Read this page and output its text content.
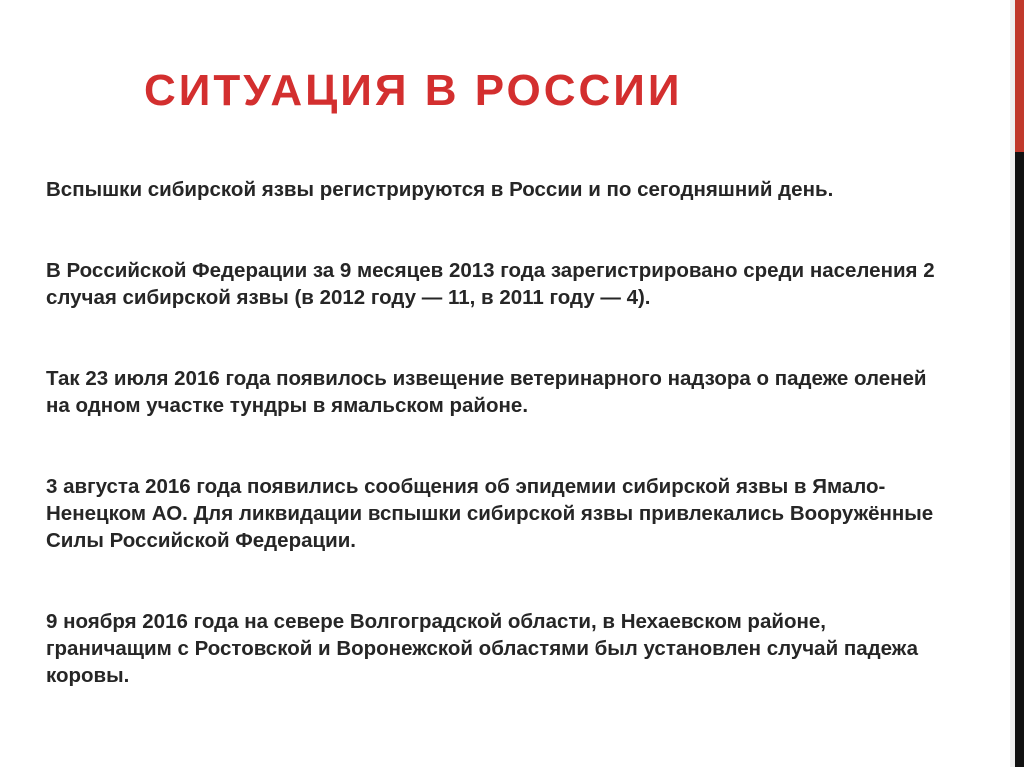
СИТУАЦИЯ В РОССИИ

Вспышки сибирской язвы регистрируются в России и по сегодняшний день.

В Российской Федерации за 9 месяцев 2013 года зарегистрировано среди населения 2 случая сибирской язвы (в 2012 году — 11, в 2011 году — 4).

Так 23 июля 2016 года появилось извещение ветеринарного надзора о падеже оленей на одном участке тундры в ямальском районе.

3 августа 2016 года появились сообщения об эпидемии сибирской язвы в Ямало-Ненецком АО. Для ликвидации вспышки сибирской язвы привлекались Вооружённые Силы Российской Федерации.

9 ноября 2016 года на севере Волгоградской области, в Нехаевском районе, граничащим с Ростовской и Воронежской областями был установлен случай падежа коровы.
